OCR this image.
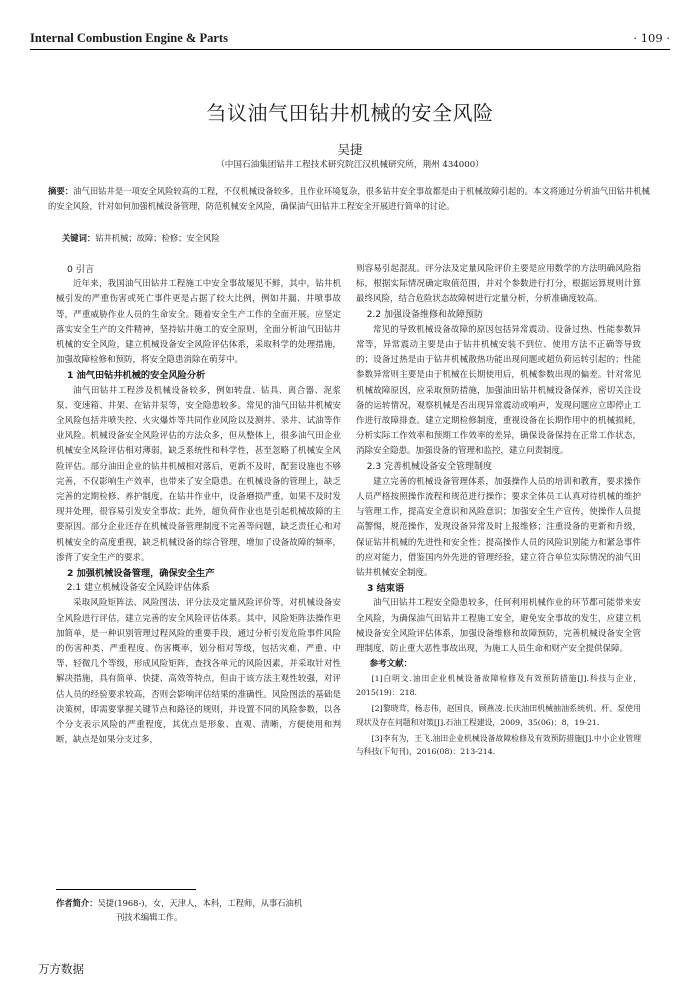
Internal Combustion Engine & Parts	· 109 ·
刍议油气田钻井机械的安全风险
吴捷
（中国石油集团钻井工程技术研究院江汉机械研究所，荆州 434000）
摘要：油气田钻井是一项安全风险较高的工程，不仅机械设备较多，且作业环境复杂，很多钻井安全事故都是由于机械故障引起的。本文将通过分析油气田钻井机械的安全风险，针对如何加强机械设备管理，防范机械安全风险，确保油气田钻井工程安全开展进行简单的讨论。
关键词：钻井机械；故障；检修；安全风险

0 引言

近年来，我国油气田钻井工程施工中安全事故屡见不鲜，其中，钻井机械引发的严重伤害或死亡事件更是占据了较大比例，例如井漏、井喷事故等，严重威胁作业人员的生命安全。随着安全生产工作的全面开展，应坚定落实安全生产的文件精神，坚持钻井施工的安全原则，全面分析油气田钻井机械的安全风险，建立机械设备安全风险评估体系，采取科学的处理措施，加强故障检修和预防，将安全隐患消除在萌芽中。

1 油气田钻井机械的安全风险分析

油气田钻井工程涉及机械设备较多，例如转盘、钻具、离合器、泥浆泵、变速箱、井架、在钻井泵等，安全隐患较多。常见的油气田钻井机械安全风险包括井喷失控、火灾爆炸等共同作业风险以及测井、录井、试油等作业风险。机械设备安全风险评估的方法众多，但从整体上，很多油气田企业机械安全风险评估相对薄弱，缺乏系统性和科学性，甚至忽略了机械安全风险评估。部分油田企业的钻井机械相对落后，更新不及时，配套设施也不够完善，不仅影响生产效率，也带来了安全隐患。在机械设备的管理上，缺乏完善的定期检修、养护制度，在钻井作业中，设备磨损严重，如果不及时发现并处理，很容易引发安全事故；此外，超负荷作业也是引起机械故障的主要原因。部分企业还存在机械设备管理制度不完善等问题，缺乏责任心和对机械安全的高度重视，缺乏机械设备的综合管理，增加了设备故障的频率，渗背了安全生产的要求。

2 加强机械设备管理，确保安全生产

2.1 建立机械设备安全风险评估体系

采取风险矩阵法、风险图法、评分法及定量风险评价等，对机械设备安全风险进行评估，建立完善的安全风险评估体系。其中，风险矩阵法操作更加简单，是一种识别管理过程风险的重要手段，通过分析引发危险事件风险的伤害种类、严重程度、伤害概率，划分相对等级，包括灾难、严重、中等、轻微几个等级，形成风险矩阵，查找各单元的风险因素，并采取针对性解决措施，具有简单、快捷、高效等特点，但由于该方法主观性较强，对评估人员的经验要求较高，否则会影响评估结果的准确性。风险图法的基础是决策树，即需要掌握关键节点和路径的规则，并设置不同的风险参数，以各个分支表示风险的严重程度，其优点是形象、直观、清晰，方便使用和判断，缺点是如果分支过多，

则容易引起混乱。评分法及定量风险评价主要是应用数学的方法明确风险指标，根据实际情况确定取值范围，并对个参数进行打分，根据运算规则计算最终风险，结合危险状态故障树进行定量分析，分析准确度较高。

2.2 加强设备维修和故障预防

常见的导致机械设备故障的原因包括异常震动、设备过热、性能参数异常等，异常震动主要是由于钻井机械安装不到位、使用方法不正确等导致的；设备过热是由于钻井机械散热功能出现问题或超负荷运转引起的；性能参数异常则主要是由于机械在长期使用后，机械参数出现的偏差。针对常见机械故障原因，应采取预防措施，加强油田钻井机械设备保养，密切关注设备的运转情况，观察机械是否出现异常震动或响声，发现问题应立即停止工作进行故障排查。建立定期检修制度，重视设备在长期作用中的机械损耗，分析实际工作效率和预期工作效率的差异，确保设备保持在正常工作状态，消除安全隐患。加强设备的管理和监控，建立问责制度。

2.3 完善机械设备安全管理制度

建立完善的机械设备管理体系，加强操作人员的培训和教育，要求操作人员严格按照操作流程和规范进行操作；要求全体员工认真对待机械的维护与管理工作，提高安全意识和风险意识；加强安全生产宣传，使操作人员提高警惕，规范操作，发现设备异常及时上报维修；注重设备的更新和升级，保证钻井机械的先进性和安全性；提高操作人员的风险识别能力和紧急事件的应对能力，借鉴国内外先进的管理经验，建立符合单位实际情况的油气田钻井机械安全制度。

3 结束语

油气田钻井工程安全隐患较多，任何利用机械作业的环节都可能带来安全风险，为确保油气田钻井工程施工安全，避免安全事故的发生，应建立机械设备安全风险评估体系，加强设备维修和故障预防，完善机械设备安全管理制度，防止重大恶性事故出现，为施工人员生命和财产安全提供保障。

参考文献：

[1]白明文.油田企业机械设备故障检修及有效预防措施[J].科技与企业，2015(19)：218.

[2]黎晓茸，杨志伟，赵国良，顾燕凌.长庆油田机械抽油系统机、杆、泵使用现状及存在问题和对策[J].石油工程建设，2009，35(06)：8，19-21.

[3]李有为，王飞.油田企业机械设备故障检修及有效预防措施[J].中小企业管理与科技(下旬刊)，2016(08)：213-214.

作者简介：吴捷(1968-)，女，天津人，本科，工程师，从事石油机
刊技术编辑工作。
万方数据
